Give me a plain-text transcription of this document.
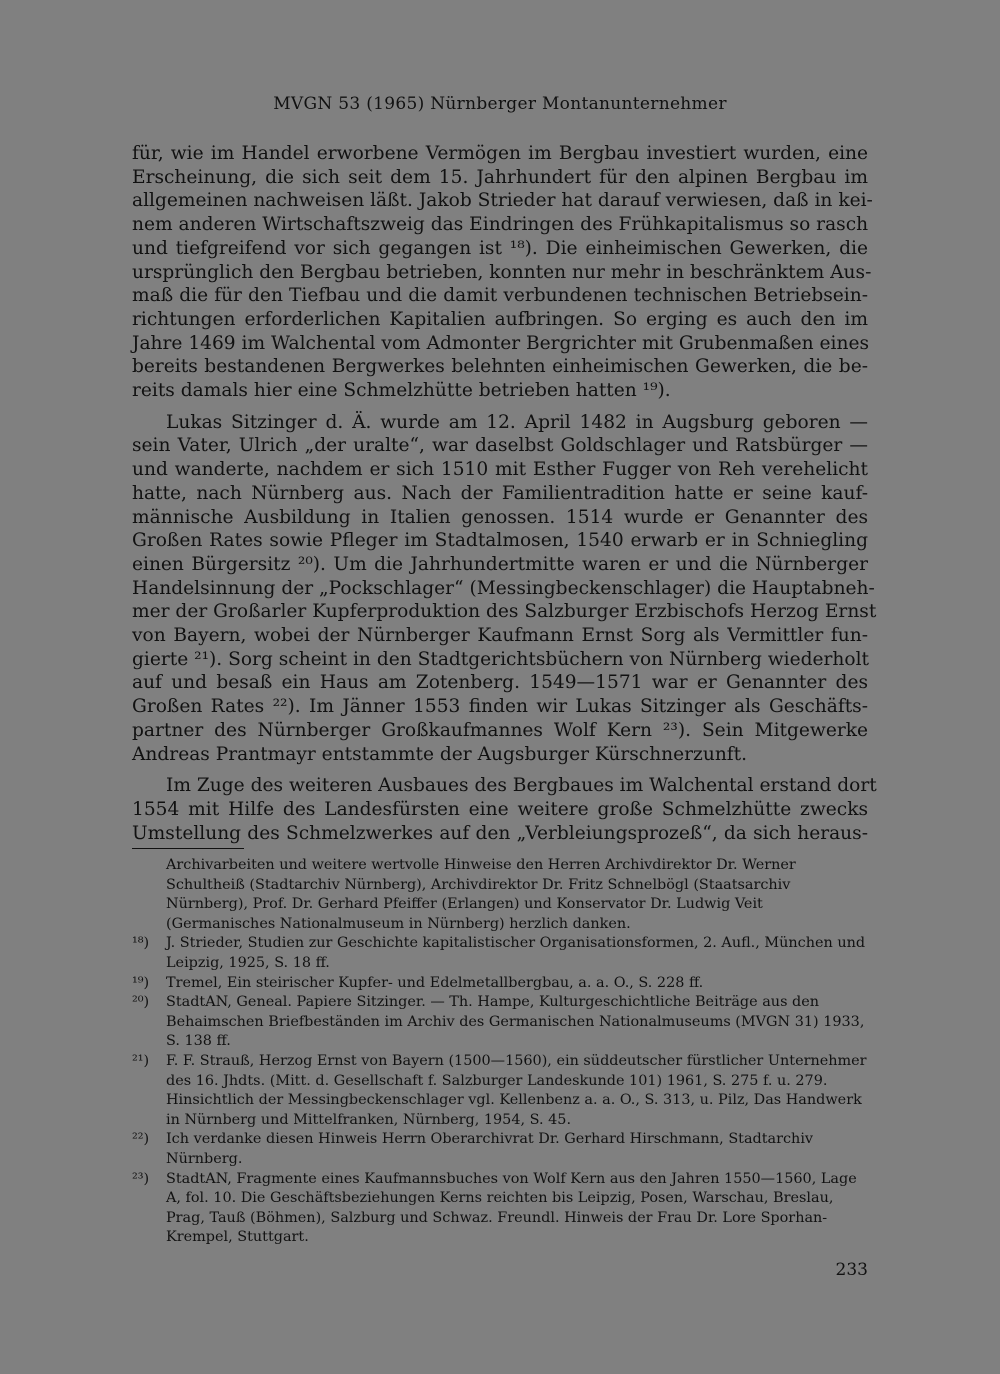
MVGN 53 (1965) Nürnberger Montanunternehmer
für, wie im Handel erworbene Vermögen im Bergbau investiert wurden, eine
Erscheinung, die sich seit dem 15. Jahrhundert für den alpinen Bergbau im
allgemeinen nachweisen läßt. Jakob Strieder hat darauf verwiesen, daß in kei-
nem anderen Wirtschaftszweig das Eindringen des Frühkapitalismus so rasch
und tiefgreifend vor sich gegangen ist ¹⁸). Die einheimischen Gewerken, die
ursprünglich den Bergbau betrieben, konnten nur mehr in beschränktem Aus-
maß die für den Tiefbau und die damit verbundenen technischen Betriebsein-
richtungen erforderlichen Kapitalien aufbringen. So erging es auch den im
Jahre 1469 im Walchental vom Admonter Bergrichter mit Grubenmaßen eines
bereits bestandenen Bergwerkes belehnten einheimischen Gewerken, die be-
reits damals hier eine Schmelzhütte betrieben hatten ¹⁹).
Lukas Sitzinger d. Ä. wurde am 12. April 1482 in Augsburg geboren —
sein Vater, Ulrich „der uralte“, war daselbst Goldschlager und Ratsbürger —
und wanderte, nachdem er sich 1510 mit Esther Fugger von Reh verehelicht
hatte, nach Nürnberg aus. Nach der Familientradition hatte er seine kauf-
männische Ausbildung in Italien genossen. 1514 wurde er Genannter des
Großen Rates sowie Pfleger im Stadtalmosen, 1540 erwarb er in Schniegling
einen Bürgersitz ²⁰). Um die Jahrhundertmitte waren er und die Nürnberger
Handelsinnung der „Pockschlager“ (Messingbeckenschlager) die Hauptabneh-
mer der Großarler Kupferproduktion des Salzburger Erzbischofs Herzog Ernst
von Bayern, wobei der Nürnberger Kaufmann Ernst Sorg als Vermittler fun-
gierte ²¹). Sorg scheint in den Stadtgerichtsbüchern von Nürnberg wiederholt
auf und besaß ein Haus am Zotenberg. 1549—1571 war er Genannter des
Großen Rates ²²). Im Jänner 1553 finden wir Lukas Sitzinger als Geschäfts-
partner des Nürnberger Großkaufmannes Wolf Kern ²³). Sein Mitgewerke
Andreas Prantmayr entstammte der Augsburger Kürschnerzunft.
Im Zuge des weiteren Ausbaues des Bergbaues im Walchental erstand dort
1554 mit Hilfe des Landesfürsten eine weitere große Schmelzhütte zwecks
Umstellung des Schmelzwerkes auf den „Verbleiungsprozeß“, da sich heraus-
Archivarbeiten und weitere wertvolle Hinweise den Herren Archivdirektor Dr. Werner Schultheiß (Stadtarchiv Nürnberg), Archivdirektor Dr. Fritz Schnelbögl (Staatsarchiv Nürnberg), Prof. Dr. Gerhard Pfeiffer (Erlangen) und Konservator Dr. Ludwig Veit (Germanisches Nationalmuseum in Nürnberg) herzlich danken.
¹⁸)	J. Strieder, Studien zur Geschichte kapitalistischer Organisationsformen, 2. Aufl., München und Leipzig, 1925, S. 18 ff.
¹⁹)	Tremel, Ein steirischer Kupfer- und Edelmetallbergbau, a. a. O., S. 228 ff.
²⁰)	StadtAN, Geneal. Papiere Sitzinger. — Th. Hampe, Kulturgeschichtliche Beiträge aus den Behaimschen Briefbeständen im Archiv des Germanischen Nationalmuseums (MVGN 31) 1933, S. 138 ff.
²¹)	F. F. Strauß, Herzog Ernst von Bayern (1500—1560), ein süddeutscher fürstlicher Unternehmer des 16. Jhdts. (Mitt. d. Gesellschaft f. Salzburger Landeskunde 101) 1961, S. 275 f. u. 279. Hinsichtlich der Messingbeckenschlager vgl. Kellenbenz a. a. O., S. 313, u. Pilz, Das Handwerk in Nürnberg und Mittelfranken, Nürnberg, 1954, S. 45.
²²)	Ich verdanke diesen Hinweis Herrn Oberarchivrat Dr. Gerhard Hirschmann, Stadtarchiv Nürnberg.
²³)	StadtAN, Fragmente eines Kaufmannsbuches von Wolf Kern aus den Jahren 1550—1560, Lage A, fol. 10. Die Geschäftsbeziehungen Kerns reichten bis Leipzig, Posen, Warschau, Breslau, Prag, Tauß (Böhmen), Salzburg und Schwaz. Freundl. Hinweis der Frau Dr. Lore Sporhan-Krempel, Stuttgart.
233
